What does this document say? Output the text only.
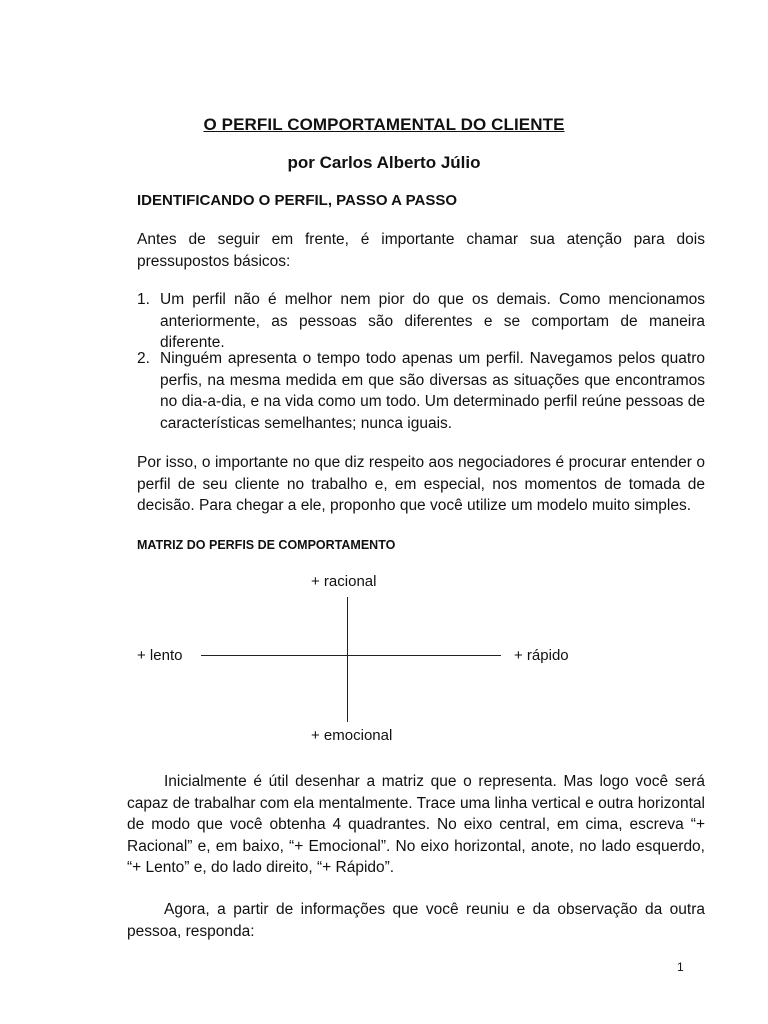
O PERFIL COMPORTAMENTAL DO CLIENTE
por Carlos Alberto Júlio
IDENTIFICANDO O PERFIL, PASSO A PASSO

Antes de seguir em frente, é importante chamar sua atenção para dois pressupostos básicos:

1. Um perfil não é melhor nem pior do que os demais. Como mencionamos anteriormente, as pessoas são diferentes e se comportam de maneira diferente.
2. Ninguém apresenta o tempo todo apenas um perfil. Navegamos pelos quatro perfis, na mesma medida em que são diversas as situações que encontramos no dia-a-dia, e na vida como um todo. Um determinado perfil reúne pessoas de características semelhantes; nunca iguais.

Por isso, o importante no que diz respeito aos negociadores é procurar entender o perfil de seu cliente no trabalho e, em especial, nos momentos de tomada de decisão. Para chegar a ele, proponho que você utilize um modelo muito simples.

MATRIZ DO PERFIS DE COMPORTAMENTO
+ racional
+ lento	+ rápido
+ emocional

Inicialmente é útil desenhar a matriz que o representa. Mas logo você será capaz de trabalhar com ela mentalmente. Trace uma linha vertical e outra horizontal de modo que você obtenha 4 quadrantes. No eixo central, em cima, escreva “+ Racional” e, em baixo, “+ Emocional”. No eixo horizontal, anote, no lado esquerdo, “+ Lento” e, do lado direito, “+ Rápido”.

Agora, a partir de informações que você reuniu e da observação da outra pessoa, responda:

1
